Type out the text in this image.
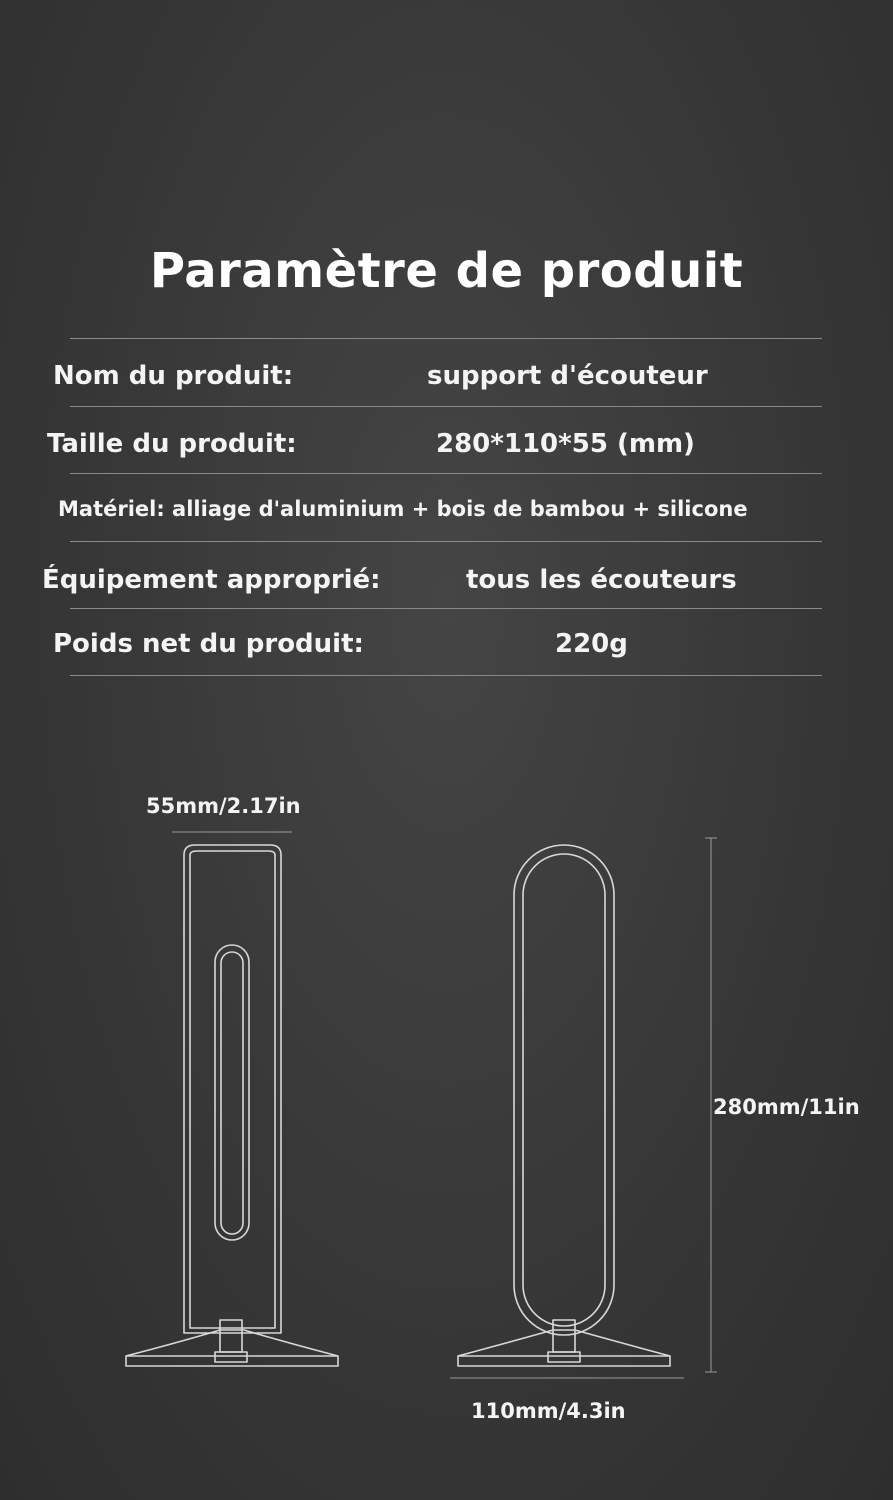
Paramètre de produit
Nom du produit:	support d'écouteur
Taille du produit:	280*110*55 (mm)
Matériel: alliage d'aluminium + bois de bambou + silicone
Équipement approprié:	tous les écouteurs
Poids net du produit:	220g
55mm/2.17in
280mm/11in
110mm/4.3in
